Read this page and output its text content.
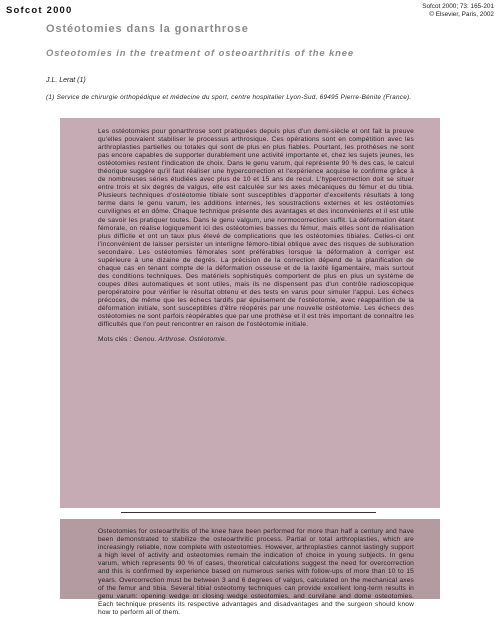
Sofcot 2000	Sofcot 2000; 73: 165-201
© Elsevier, Paris, 2002
Ostéotomies dans la gonarthrose
Osteotomies in the treatment of osteoarthritis of the knee
J.L. Lerat (1)
(1) Service de chirurgie orthopédique et médecine du sport, centre hospitalier Lyon-Sud, 69495 Pierre-Bénite (France).

Les ostéotomies pour gonarthrose sont pratiquées depuis plus d'un demi-siècle et ont fait la preuve qu'elles pouvaient stabiliser le processus arthrosique. Ces opérations sont en compétition avec les arthroplasties partielles ou totales qui sont de plus en plus fiables. Pourtant, les prothèses ne sont pas encore capables de supporter durablement une activité importante et, chez les sujets jeunes, les ostéotomies restent l'indication de choix. Dans le genu varum, qui représente 90 % des cas, le calcul théorique suggère qu'il faut réaliser une hypercorrection et l'expérience acquise le confirme grâce à de nombreuses séries étudiées avec plus de 10 et 15 ans de recul. L'hypercorrection doit se situer entre trois et six degrés de valgus, elle est calculée sur les axes mécaniques du fémur et du tibia. Plusieurs techniques d'ostéotomie tibiale sont susceptibles d'apporter d'excellents résultats à long terme dans le genu varum, les additions internes, les soustractions externes et les ostéotomies curvilignes et en dôme. Chaque technique présente des avantages et des inconvénients et il est utile de savoir les pratiquer toutes. Dans le genu valgum, une normocorrection suffit. La déformation étant fémorale, on réalise logiquement ici des ostéotomies basses du fémur, mais elles sont de réalisation plus difficile et ont un taux plus élevé de complications que les ostéotomies tibiales. Celles-ci ont l'inconvénient de laisser persister un interligne fémoro-tibial oblique avec des risques de subluxation secondaire. Les ostéotomies fémorales sont préférables lorsque la déformation à corriger est supérieure à une dizaine de degrés. La précision de la correction dépend de la planification de chaque cas en tenant compte de la déformation osseuse et de la laxité ligamentaire, mais surtout des conditions techniques. Des matériels sophistiqués comportent de plus en plus un système de coupes dites automatiques et sont utiles, mais ils ne dispensent pas d'un contrôle radioscopique peropératoire pour vérifier le résultat obtenu et des tests en varus pour simuler l'appui. Les échecs précoces, de même que les échecs tardifs par épuisement de l'ostéotomie, avec réapparition de la déformation initiale, sont susceptibles d'être réopérés par une nouvelle ostéotomie. Les échecs des ostéotomies ne sont parfois réopérables que par une prothèse et il est très important de connaître les difficultés que l'on peut rencontrer en raison de l'ostéotomie initiale.

Mots clés : Genou. Arthrose. Ostéotomie.

Osteotomies for osteoarthritis of the knee have been performed for more than half a century and have been demonstrated to stabilize the osteoarthritic process. Partial or total arthroplasties, which are increasingly reliable, now complete with osteotomies. However, arthroplasties cannot lastingly support a high level of activity and osteotomies remain the indication of choice in young subjects. In genu varum, which represents 90 % of cases, theoretical calculations suggest the need for overcorrection and this is confirmed by experience based on numerous series with follow-ups of more than 10 to 15 years. Overcorrection must be between 3 and 6 degrees of valgus, calculated on the mechanical axes of the femur and tibia. Several tibial osteotomy techniques can provide excellent long-term results in genu varum: opening wedge or closing wedge osteotomies, and curvilane and dome osteotomies. Each technique presents its respective advantages and disadvantages and the surgeon should know how to perform all of them.
